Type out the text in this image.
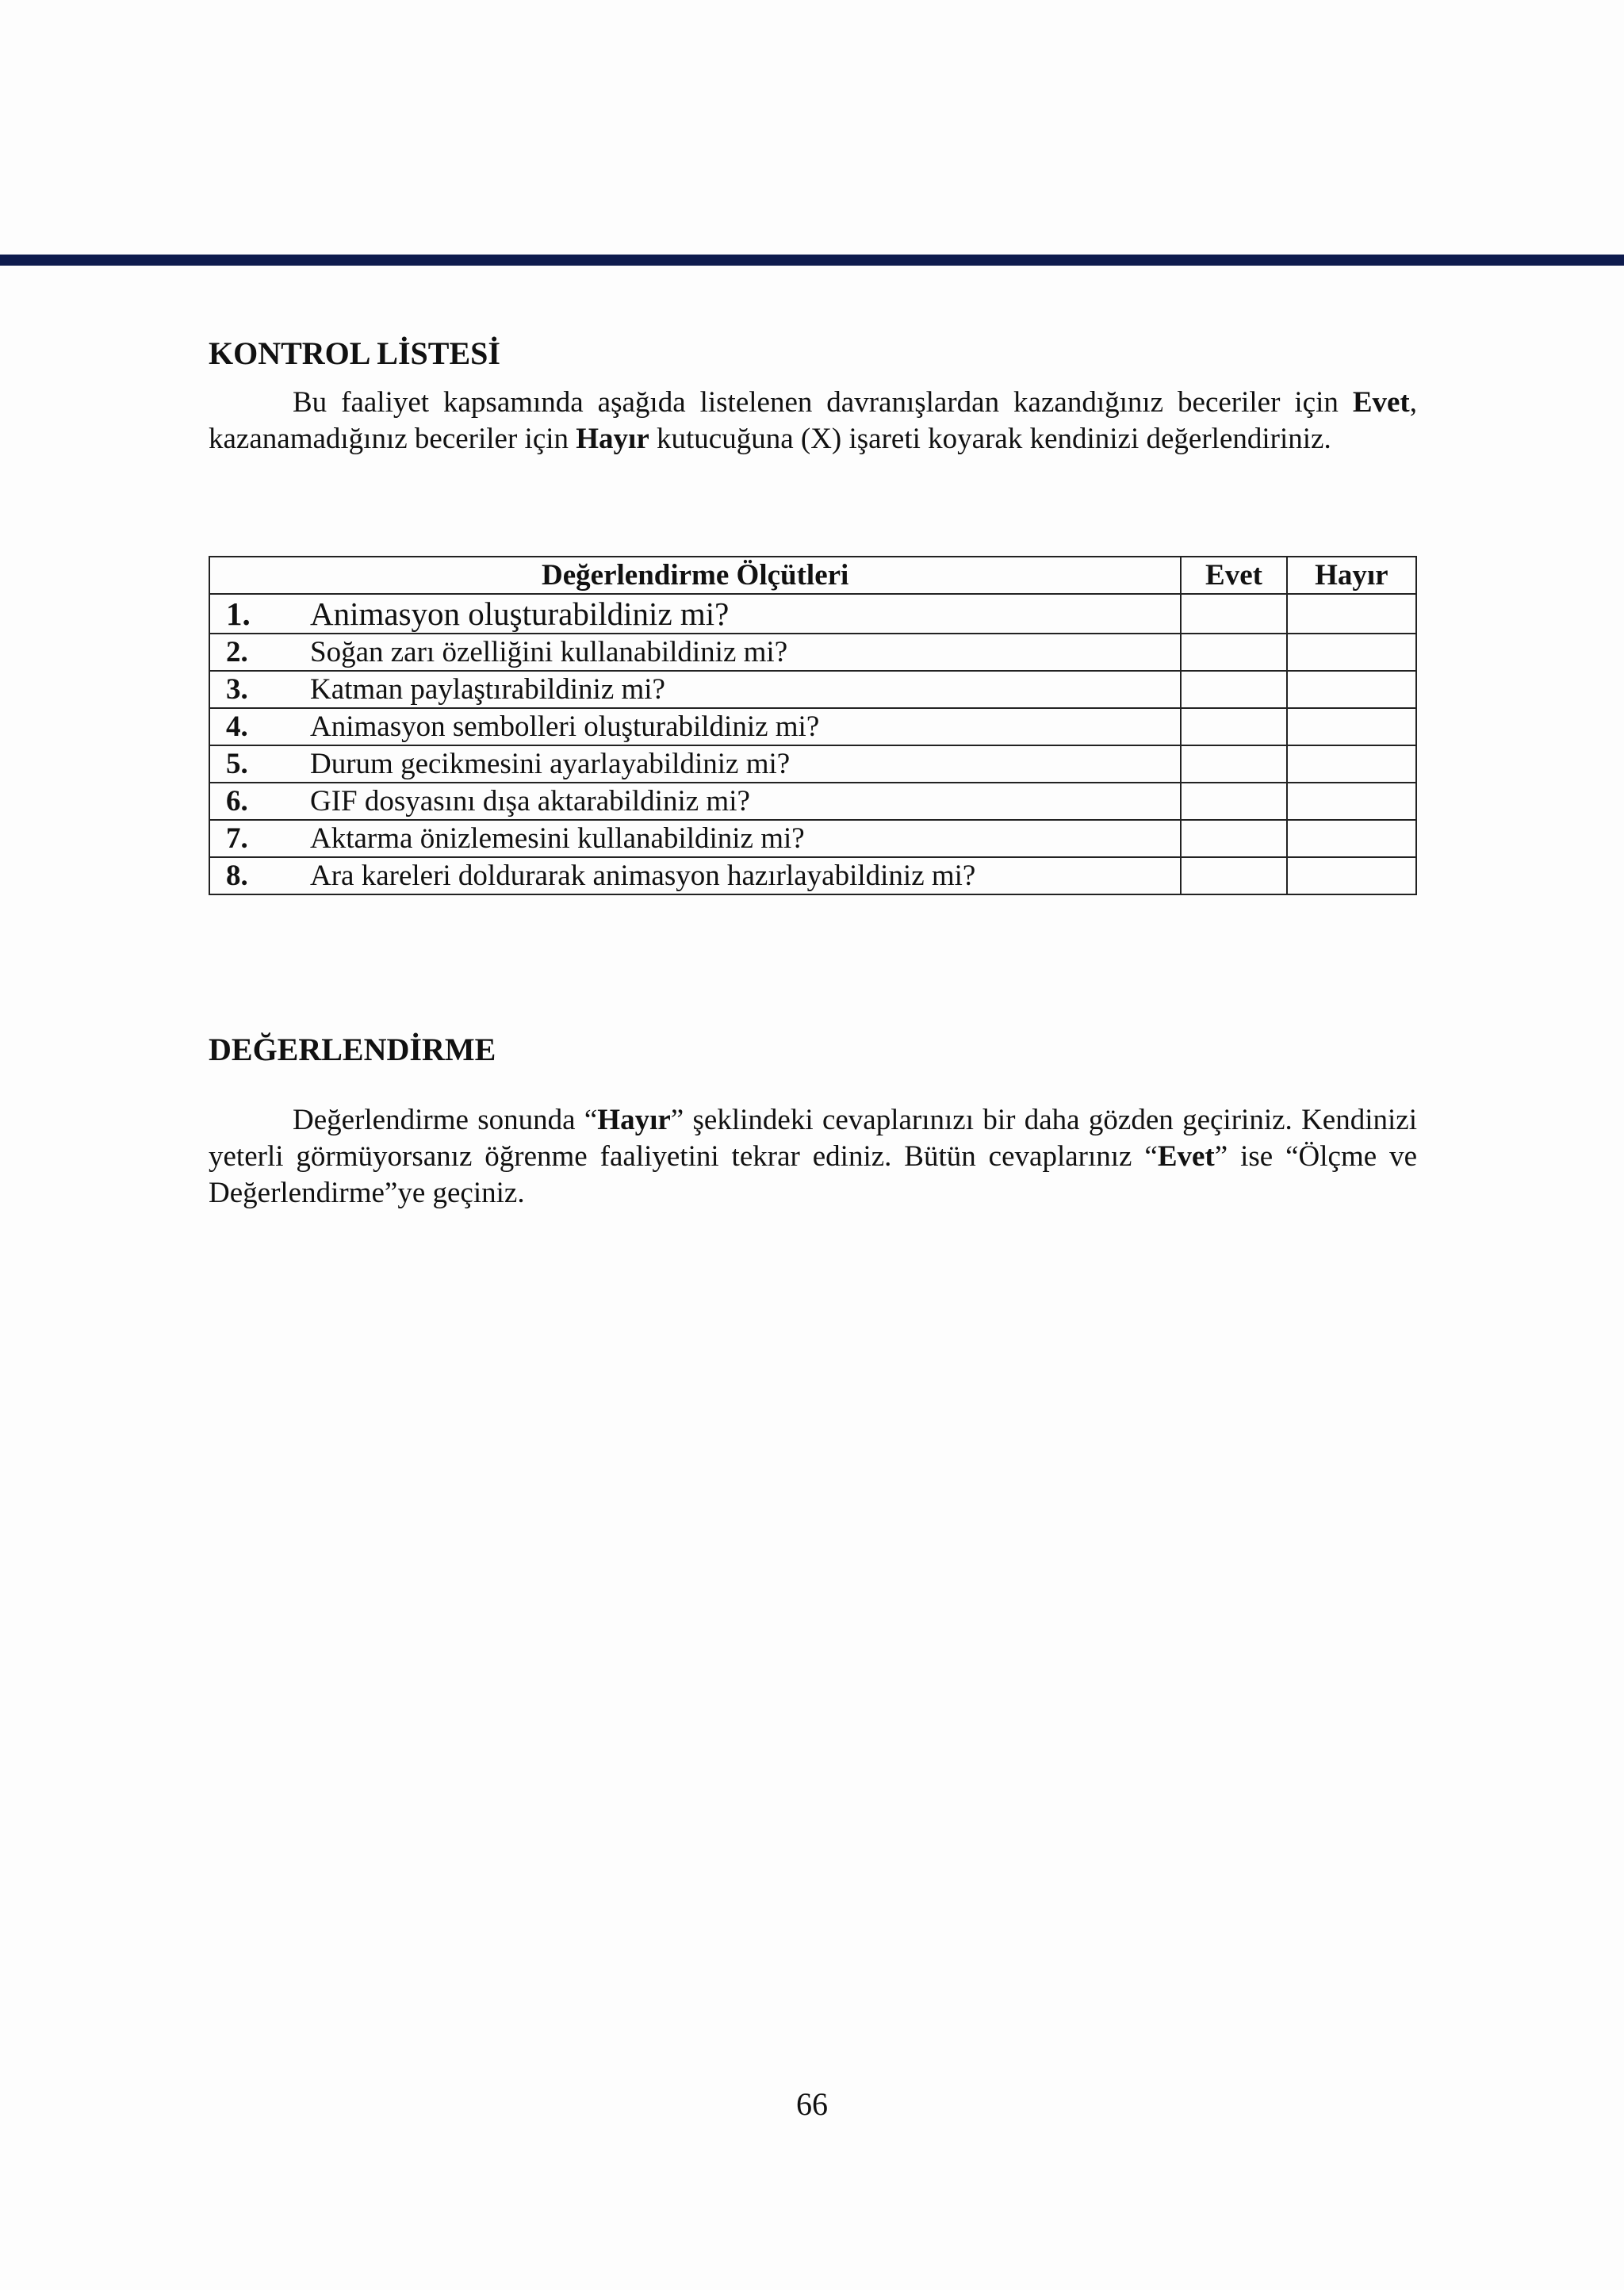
KONTROL LİSTESİ

Bu faaliyet kapsamında aşağıda listelenen davranışlardan kazandığınız beceriler için Evet, kazanamadığınız beceriler için Hayır kutucuğuna (X) işareti koyarak kendinizi değerlendiriniz.

Değerlendirme Ölçütleri	Evet	Hayır

1. Animasyon oluşturabildiniz mi?		

2. Soğan zarı özelliğini kullanabildiniz mi?		

3. Katman paylaştırabildiniz mi?		

4. Animasyon sembolleri oluşturabildiniz mi?		

5. Durum gecikmesini ayarlayabildiniz mi?		

6. GIF dosyasını dışa aktarabildiniz mi?		

7. Aktarma önizlemesini kullanabildiniz mi?		

8. Ara kareleri doldurarak animasyon hazırlayabildiniz mi?		

DEĞERLENDİRME

Değerlendirme sonunda “Hayır” şeklindeki cevaplarınızı bir daha gözden geçiriniz. Kendinizi yeterli görmüyorsanız öğrenme faaliyetini tekrar ediniz. Bütün cevaplarınız “Evet” ise “Ölçme ve Değerlendirme”ye geçiniz.

66
